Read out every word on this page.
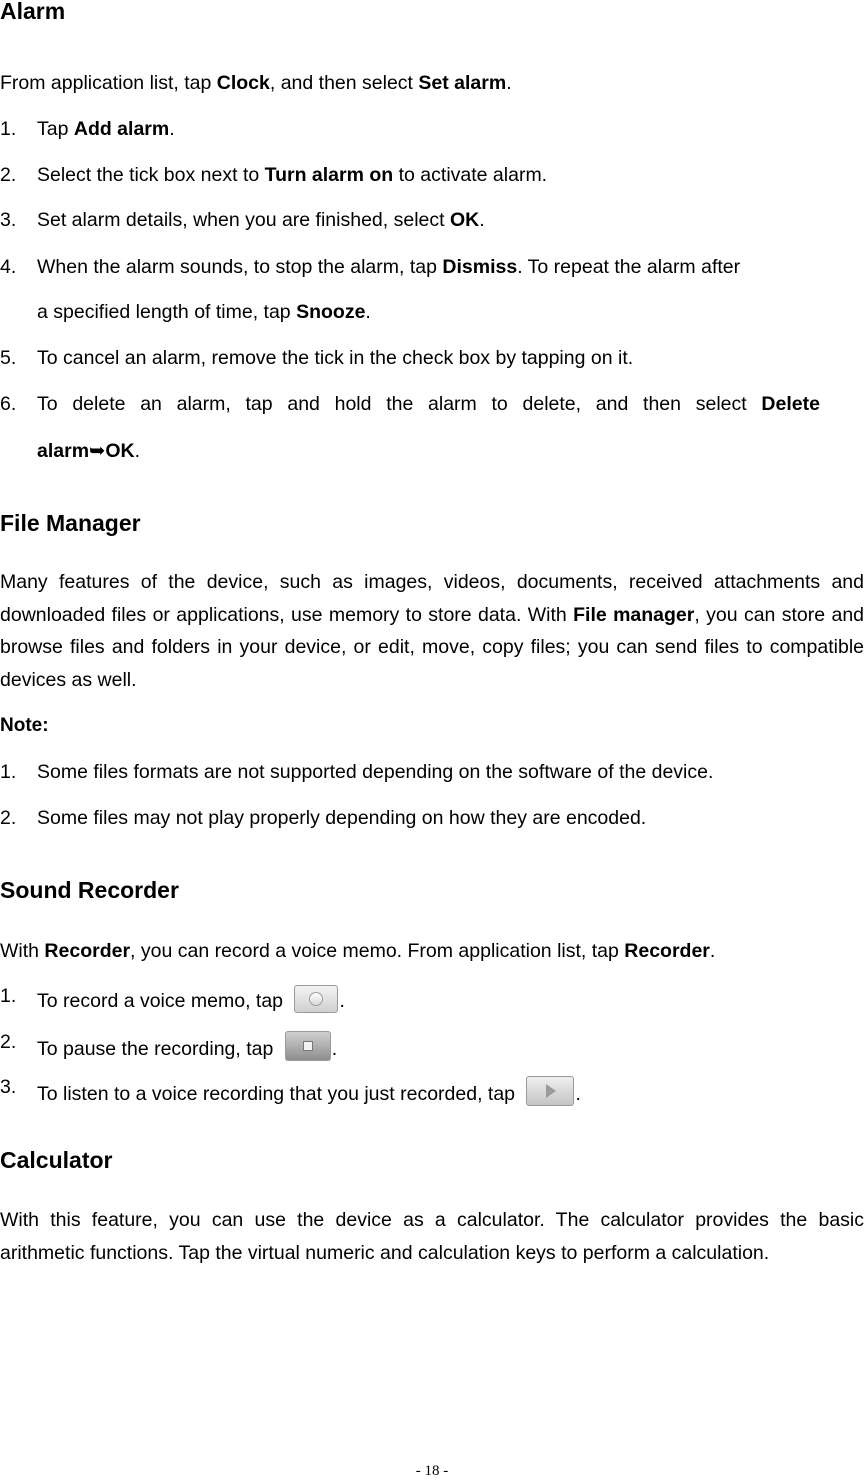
Alarm
From application list, tap Clock, and then select Set alarm.
1. Tap Add alarm.
2. Select the tick box next to Turn alarm on to activate alarm.
3. Set alarm details, when you are finished, select OK.
4. When the alarm sounds, to stop the alarm, tap Dismiss. To repeat the alarm after
a specified length of time, tap Snooze.
5. To cancel an alarm, remove the tick in the check box by tapping on it.
6. To delete an alarm, tap and hold the alarm to delete, and then select Delete
alarm➥OK.
File Manager
Many features of the device, such as images, videos, documents, received attachments and downloaded files or applications, use memory to store data. With File manager, you can store and browse files and folders in your device, or edit, move, copy files; you can send files to compatible devices as well.
Note:
1. Some files formats are not supported depending on the software of the device.
2. Some files may not play properly depending on how they are encoded.
Sound Recorder
With Recorder, you can record a voice memo. From application list, tap Recorder.
1. To record a voice memo, tap	.
2. To pause the recording, tap	.
3. To listen to a voice recording that you just recorded, tap	.
Calculator
With this feature, you can use the device as a calculator. The calculator provides the basic arithmetic functions. Tap the virtual numeric and calculation keys to perform a calculation.
- 18 -
